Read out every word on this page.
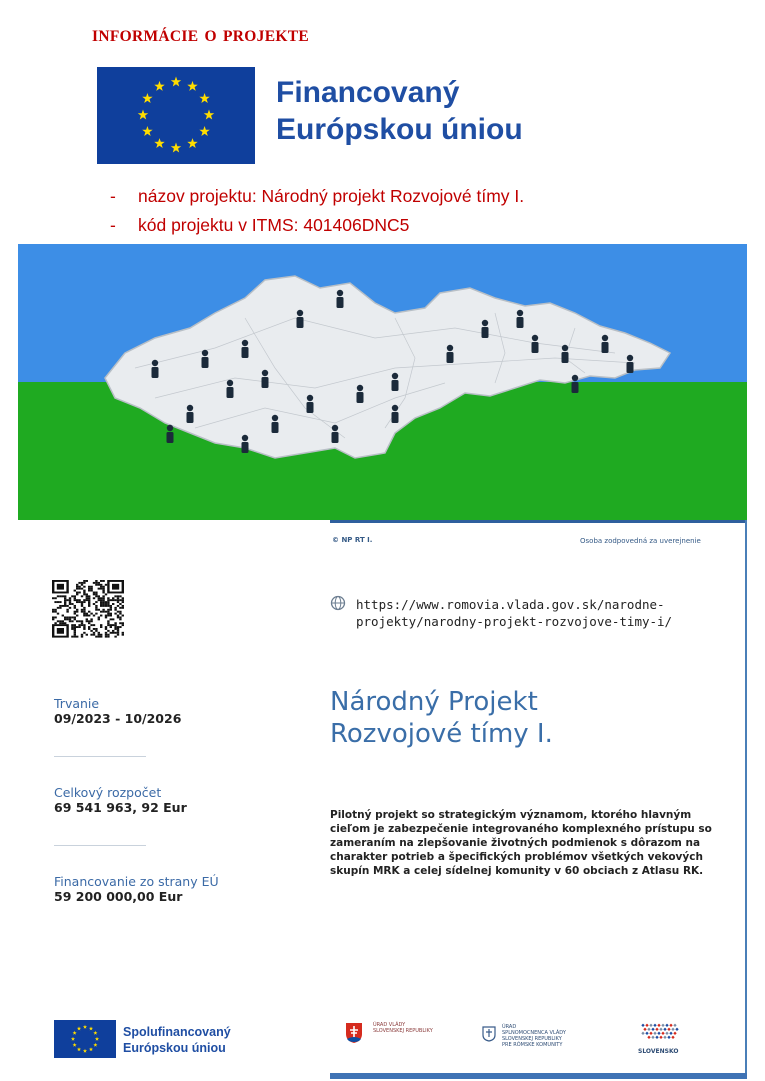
INFORMÁCIE O PROJEKTE
Financovaný
Európskou úniou
- názov projektu: Národný projekt Rozvojové tímy I.
- kód projektu v ITMS: 401406DNC5
© NP RT I.	Osoba zodpovedná za uverejnenie
https://www.romovia.vlada.gov.sk/narodne-
projekty/narodny-projekt-rozvojove-timy-i/
Trvanie
09/2023 - 10/2026
Celkový rozpočet
69 541 963, 92 Eur
Financovanie zo strany EÚ
59 200 000,00 Eur
Národný Projekt
Rozvojové tímy I.
Pilotný projekt so strategickým významom, ktorého hlavným cieľom je zabezpečenie integrovaného komplexného prístupu so zameraním na zlepšovanie životných podmienok s dôrazom na charakter potrieb a špecifických problémov všetkých vekových skupín MRK a celej sídelnej komunity v 60 obciach z Atlasu RK.
Spolufinancovaný
Európskou úniou
ÚRAD VLÁDY
SLOVENSKEJ REPUBLIKY
ÚRAD
SPLNOMOCNENCA VLÁDY
SLOVENSKEJ REPUBLIKY
PRE RÓMSKE KOMUNITY
SLOVENSKO
